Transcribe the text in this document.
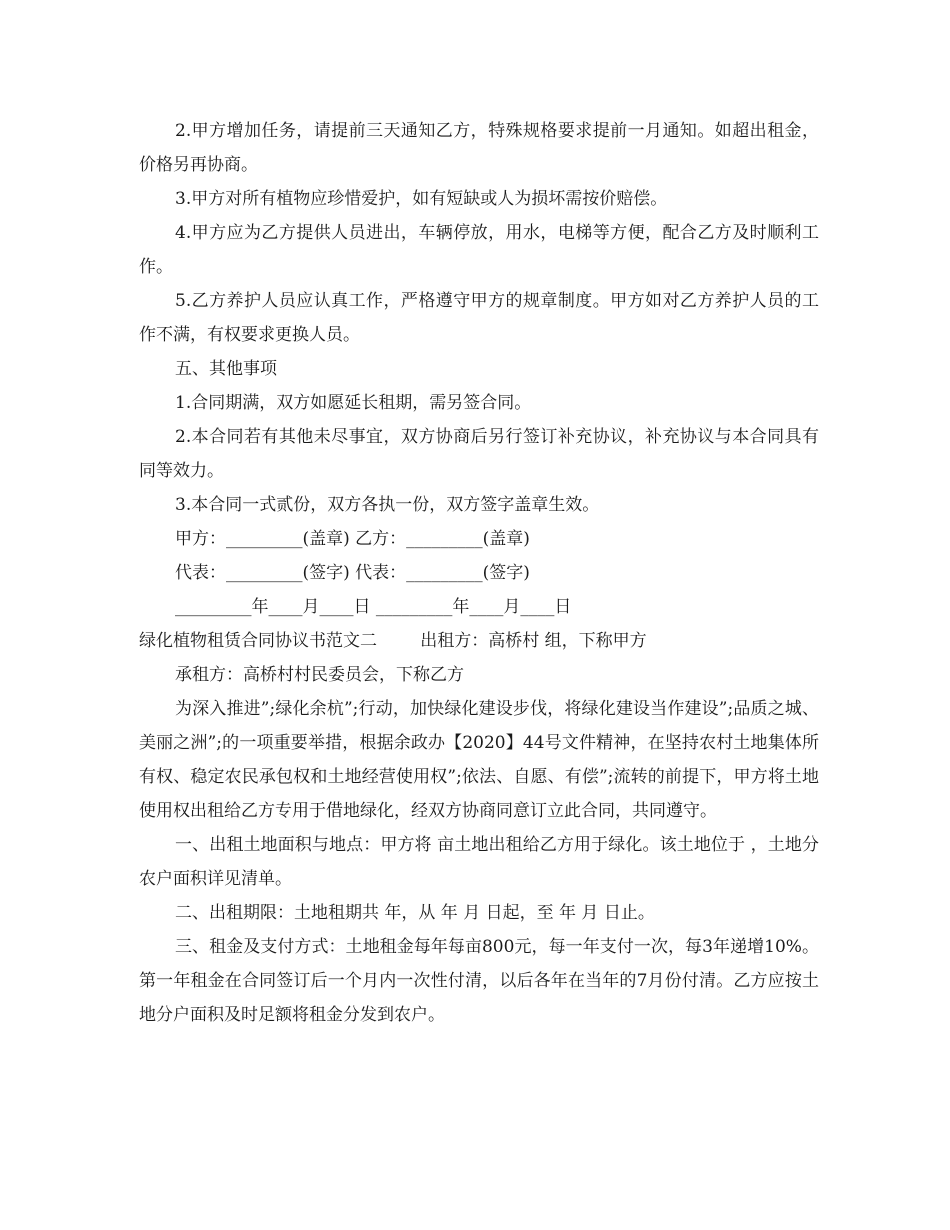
2.甲方增加任务，请提前三天通知乙方，特殊规格要求提前一月通知。如超出租金，价格另再协商。

3.甲方对所有植物应珍惜爱护，如有短缺或人为损坏需按价赔偿。

4.甲方应为乙方提供人员进出，车辆停放，用水，电梯等方便，配合乙方及时顺利工作。

5.乙方养护人员应认真工作，严格遵守甲方的规章制度。甲方如对乙方养护人员的工作不满，有权要求更换人员。

五、其他事项

1.合同期满，双方如愿延长租期，需另签合同。

2.本合同若有其他未尽事宜，双方协商后另行签订补充协议，补充协议与本合同具有同等效力。

3.本合同一式贰份，双方各执一份，双方签字盖章生效。

甲方：_________(盖章) 乙方：_________(盖章)

代表：_________(签字) 代表：_________(签字)

_________年____月____日 _________年____月____日

绿化植物租赁合同协议书范文二        出租方：高桥村 组，下称甲方

承租方：高桥村村民委员会，下称乙方

为深入推进”;绿化余杭”;行动，加快绿化建设步伐，将绿化建设当作建设”;品质之城、美丽之洲”;的一项重要举措，根据余政办【2020】44号文件精神，在坚持农村土地集体所有权、稳定农民承包权和土地经营使用权”;依法、自愿、有偿”;流转的前提下，甲方将土地使用权出租给乙方专用于借地绿化，经双方协商同意订立此合同，共同遵守。

一、出租土地面积与地点：甲方将 亩土地出租给乙方用于绿化。该土地位于 ，土地分农户面积详见清单。

二、出租期限：土地租期共 年，从 年 月 日起，至 年 月 日止。

三、租金及支付方式：土地租金每年每亩800元，每一年支付一次，每3年递增10%。第一年租金在合同签订后一个月内一次性付清，以后各年在当年的7月份付清。乙方应按土地分户面积及时足额将租金分发到农户。
